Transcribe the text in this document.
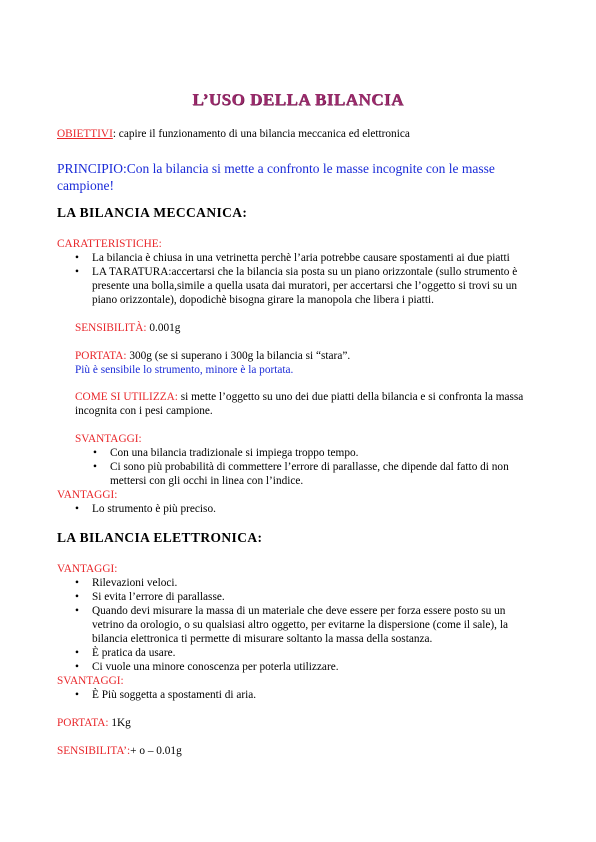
L’USO DELLA BILANCIA
OBIETTIVI: capire il funzionamento di una bilancia meccanica ed elettronica
PRINCIPIO:Con la bilancia si mette a confronto le masse incognite con le masse campione!
LA BILANCIA MECCANICA:
CARATTERISTICHE:
• La bilancia è chiusa in una vetrinetta perchè l’aria potrebbe causare spostamenti ai due piatti
• LA TARATURA:accertarsi che la bilancia sia posta su un piano orizzontale (sullo strumento è presente una bolla,simile a quella usata dai muratori, per accertarsi che l’oggetto si trovi su un piano orizzontale), dopodichè bisogna girare la manopola che libera i piatti.
SENSIBILITÀ: 0.001g
PORTATA: 300g (se si superano i 300g la bilancia si “stara”.
Più è sensibile lo strumento, minore è la portata.
COME SI UTILIZZA: si mette l’oggetto su uno dei due piatti della bilancia e si confronta la massa incognita con i pesi campione.
SVANTAGGI:
• Con una bilancia tradizionale si impiega troppo tempo.
• Ci sono più probabilità di commettere l’errore di parallasse, che dipende dal fatto di non mettersi con gli occhi in linea con l’indice.
VANTAGGI:
• Lo strumento è più preciso.
LA BILANCIA ELETTRONICA:
VANTAGGI:
• Rilevazioni veloci.
• Si evita l’errore di parallasse.
• Quando devi misurare la massa di un materiale che deve essere per forza essere posto su un vetrino da orologio, o su qualsiasi altro oggetto, per evitarne la dispersione (come il sale), la bilancia elettronica ti permette di misurare soltanto la massa della sostanza.
• È pratica da usare.
• Ci vuole una minore conoscenza per poterla utilizzare.
SVANTAGGI:
• È Più soggetta a spostamenti di aria.
PORTATA: 1Kg
SENSIBILITA’:+ o – 0.01g
